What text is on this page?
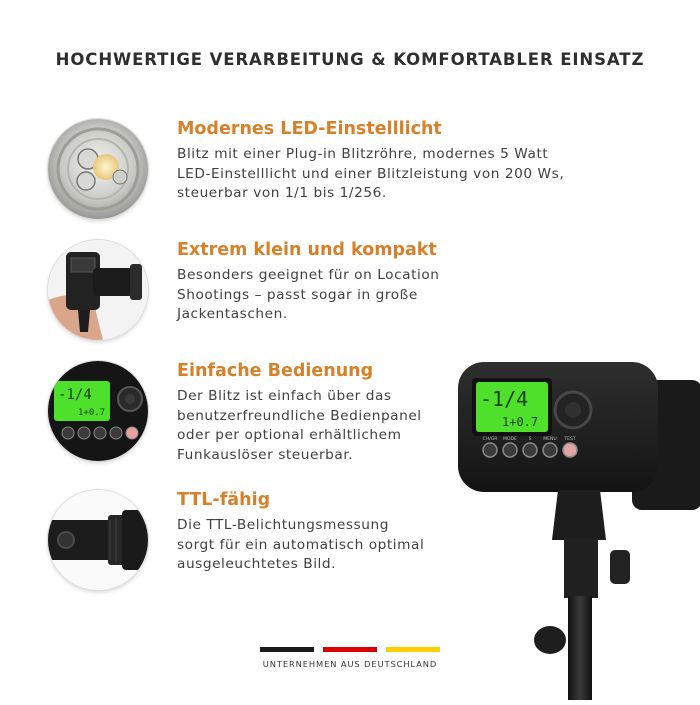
HOCHWERTIGE VERARBEITUNG & KOMFORTABLER EINSATZ
Modernes LED-Einstelllicht
Blitz mit einer Plug-in Blitzröhre, modernes 5 Watt
LED-Einstelllicht und einer Blitzleistung von 200 Ws,
steuerbar von 1/1 bis 1/256.
Extrem klein und kompakt
Besonders geeignet für on Location
Shootings – passt sogar in große
Jackentaschen.
-1/4
1+0.7
Einfache Bedienung
Der Blitz ist einfach über das
benutzerfreundliche Bedienpanel
oder per optional erhältlichem
Funkauslöser steuerbar.
TTL-fähig
Die TTL-Belichtungsmessung
sorgt für ein automatisch optimal
ausgeleuchtetes Bild.
-1/4
1+0.7
CH/GR MODE	S	MENU TEST
UNTERNEHMEN AUS DEUTSCHLAND
